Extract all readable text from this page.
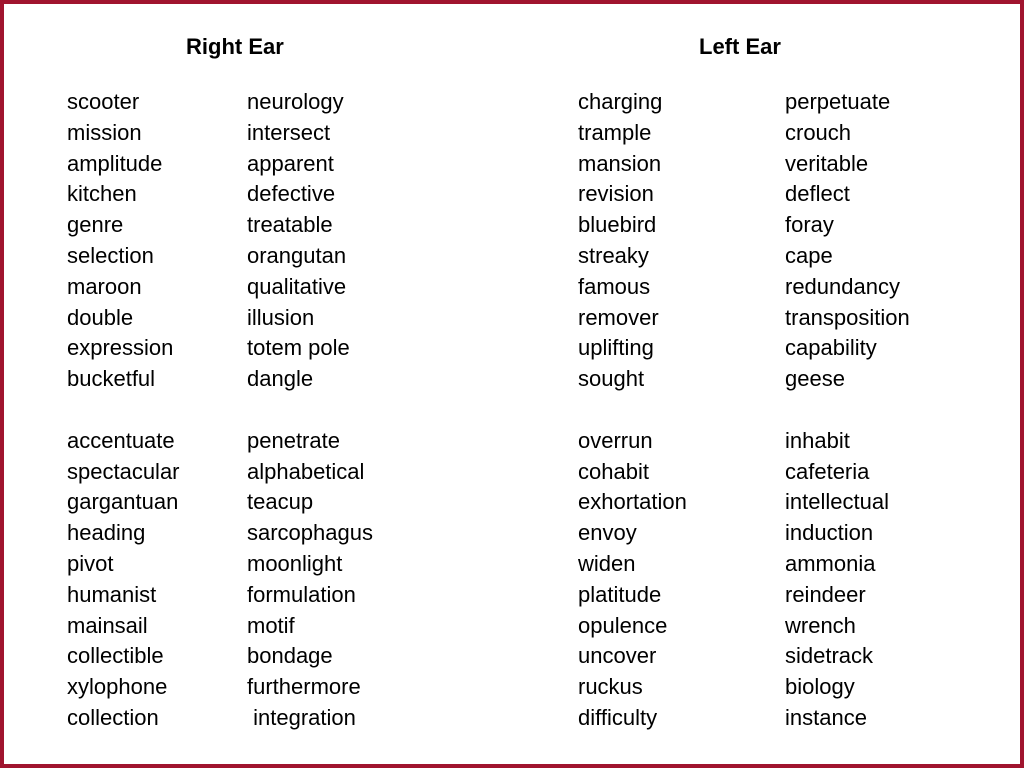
Right Ear	Left Ear
scooter
mission
amplitude
kitchen
genre
selection
maroon
double
expression
bucketful
accentuate
spectacular
gargantuan
heading
pivot
humanist
mainsail
collectible
xylophone
collection
neurology
intersect
apparent
defective
treatable
orangutan
qualitative
illusion
totem pole
dangle
penetrate
alphabetical
teacup
sarcophagus
moonlight
formulation
motif
bondage
furthermore
integration
charging
trample
mansion
revision
bluebird
streaky
famous
remover
uplifting
sought
overrun
cohabit
exhortation
envoy
widen
platitude
opulence
uncover
ruckus
difficulty
perpetuate
crouch
veritable
deflect
foray
cape
redundancy
transposition
capability
geese
inhabit
cafeteria
intellectual
induction
ammonia
reindeer
wrench
sidetrack
biology
instance
